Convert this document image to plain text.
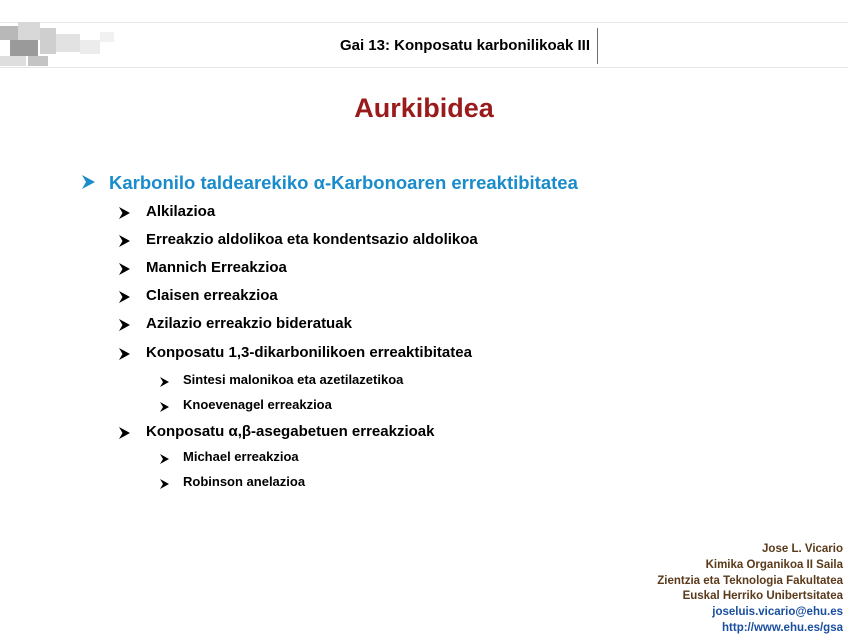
Gai 13: Konposatu karbonilikoak III
Aurkibidea
Karbonilo taldearekiko α-Karbonoaren erreaktibitatea
Alkilazioa
Erreakzio aldolikoa eta kondentsazio aldolikoa
Mannich Erreakzioa
Claisen erreakzioa
Azilazio erreakzio bideratuak
Konposatu 1,3-dikarbonilikoen erreaktibitatea
Sintesi malonikoa eta azetilazetikoa
Knoevenagel erreakzioa
Konposatu α,β-asegabetuen erreakzioak
Michael erreakzioa
Robinson anelazioa
Jose L. Vicario
Kimika Organikoa II Saila
Zientzia eta Teknologia Fakultatea
Euskal Herriko Unibertsitatea
joseluis.vicario@ehu.es
http://www.ehu.es/gsa
